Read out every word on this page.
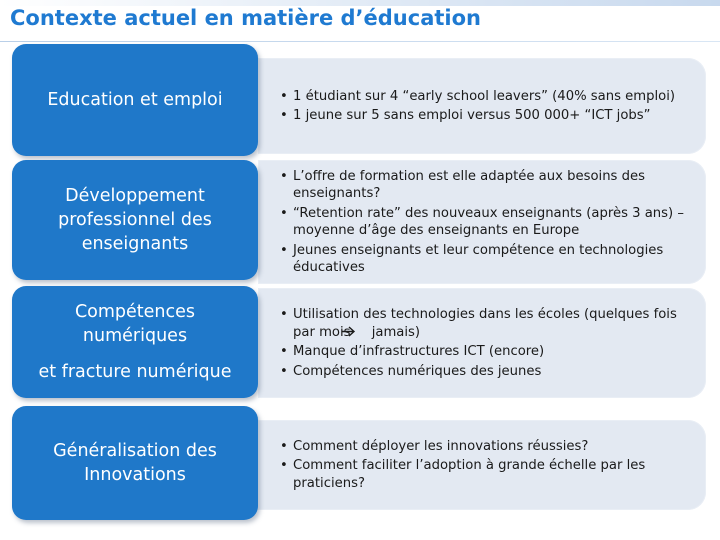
Contexte actuel en matière d’éducation
• 1 étudiant sur 4 “early school leavers” (40% sans emploi)
• 1 jeune sur 5 sans emploi versus 500 000+ “ICT jobs”
Education et emploi
• L’offre de formation est elle adaptée aux besoins des enseignants?
• “Retention rate” des nouveaux enseignants (après 3 ans) – moyenne d’âge des enseignants en Europe
• Jeunes enseignants et leur compétence en technologies éducatives
Développement
professionnel des
enseignants
• Utilisation des technologies dans les écoles (quelques fois par mois jamais)
• Manque d’infrastructures ICT (encore)
• Compétences numériques des jeunes
Compétences
numériques
et fracture numérique
• Comment déployer les innovations réussies?
• Comment faciliter l’adoption à grande échelle par les praticiens?
Généralisation des
Innovations
